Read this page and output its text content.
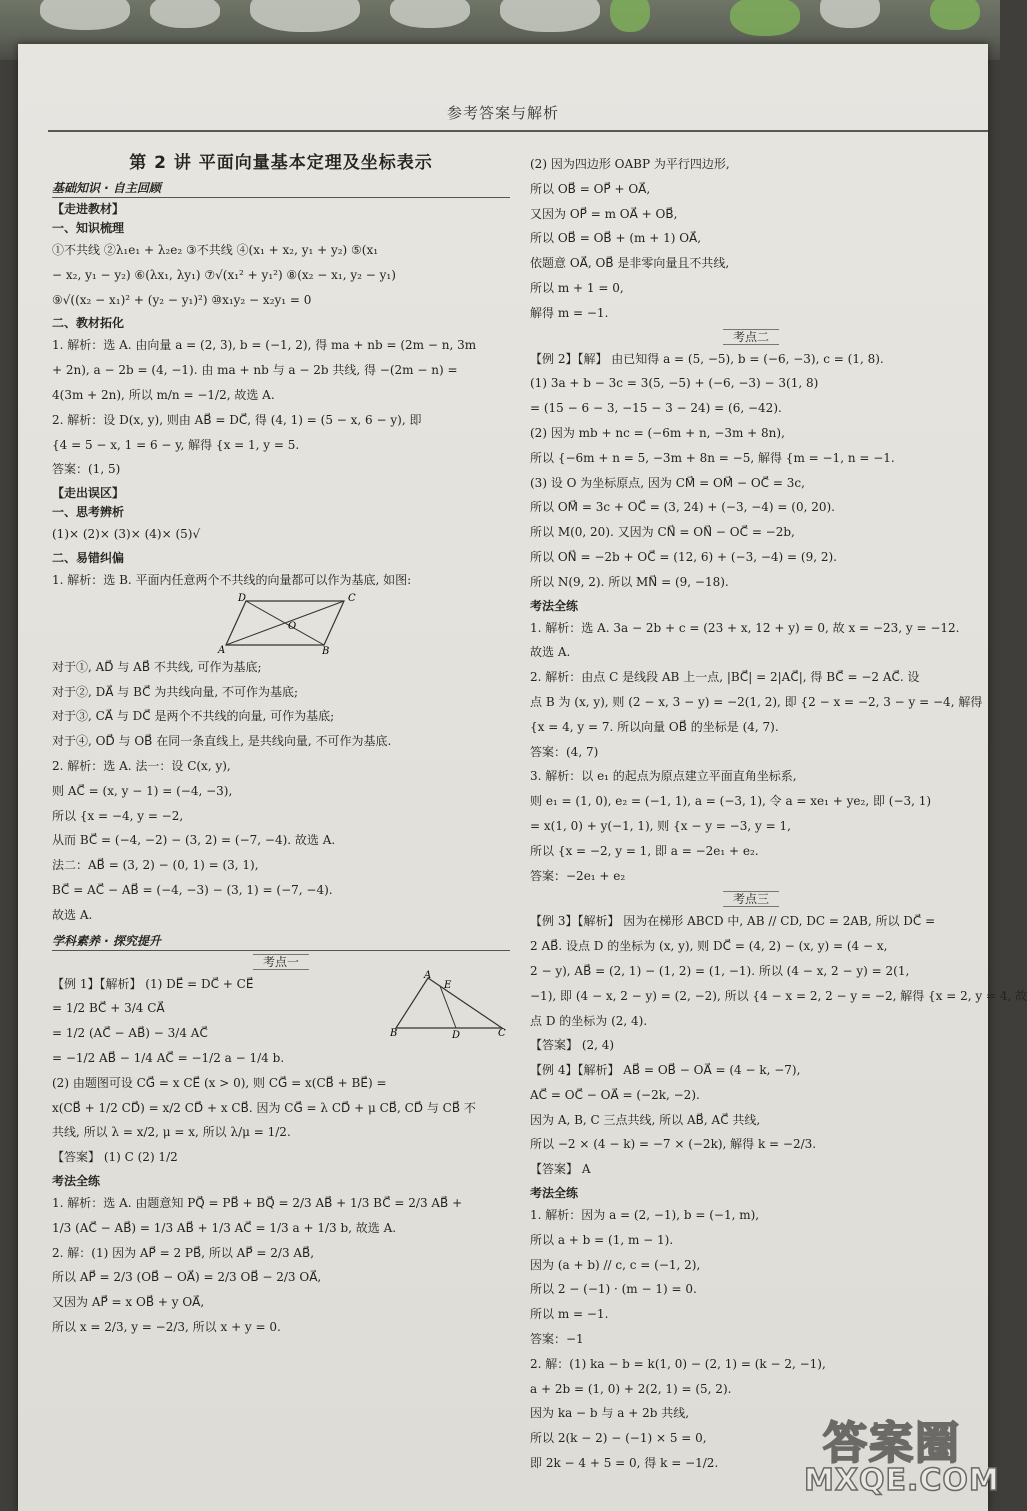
参考答案与解析
第 2 讲 平面向量基本定理及坐标表示
基础知识 · 自主回顾
【走进教材】
一、知识梳理

①不共线 ②λ₁e₁ + λ₂e₂ ③不共线 ④(x₁ + x₂, y₁ + y₂) ⑤(x₁

− x₂, y₁ − y₂) ⑥(λx₁, λy₁) ⑦√(x₁² + y₁²) ⑧(x₂ − x₁, y₂ − y₁)

⑨√((x₂ − x₁)² + (y₂ − y₁)²) ⑩x₁y₂ − x₂y₁ = 0

二、教材拓化

1. 解析：选 A. 由向量 a = (2, 3), b = (−1, 2), 得 ma + nb = (2m − n, 3m

+ 2n), a − 2b = (4, −1). 由 ma + nb 与 a − 2b 共线, 得 −(2m − n) =

4(3m + 2n), 所以 m/n = −1/2, 故选 A.

2. 解析：设 D(x, y), 则由 AB⃗ = DC⃗, 得 (4, 1) = (5 − x, 6 − y), 即

{4 = 5 − x, 1 = 6 − y, 解得 {x = 1, y = 5.

答案：(1, 5)

【走出误区】
一、思考辨析

(1)× (2)× (3)× (4)× (5)√

二、易错纠偏

1. 解析：选 B. 平面内任意两个不共线的向量都可以作为基底, 如图:

D	C
O
A	B

对于①, AD⃗ 与 AB⃗ 不共线, 可作为基底;

对于②, DA⃗ 与 BC⃗ 为共线向量, 不可作为基底;

对于③, CA⃗ 与 DC⃗ 是两个不共线的向量, 可作为基底;

对于④, OD⃗ 与 OB⃗ 在同一条直线上, 是共线向量, 不可作为基底.

2. 解析：选 A. 法一：设 C(x, y),

则 AC⃗ = (x, y − 1) = (−4, −3),

所以 {x = −4, y = −2,

从而 BC⃗ = (−4, −2) − (3, 2) = (−7, −4). 故选 A.

法二：AB⃗ = (3, 2) − (0, 1) = (3, 1),

BC⃗ = AC⃗ − AB⃗ = (−4, −3) − (3, 1) = (−7, −4).

故选 A.

学科素养 · 探究提升
考点一
A
E
B	D	C

【例 1】【解析】 (1) DE⃗ = DC⃗ + CE⃗

= 1/2 BC⃗ + 3/4 CA⃗

= 1/2 (AC⃗ − AB⃗) − 3/4 AC⃗

= −1/2 AB⃗ − 1/4 AC⃗ = −1/2 a − 1/4 b.

(2) 由题图可设 CG⃗ = x CE⃗ (x > 0), 则 CG⃗ = x(CB⃗ + BE⃗) =

x(CB⃗ + 1/2 CD⃗) = x/2 CD⃗ + x CB⃗. 因为 CG⃗ = λ CD⃗ + μ CB⃗, CD⃗ 与 CB⃗ 不

共线, 所以 λ = x/2, μ = x, 所以 λ/μ = 1/2.

【答案】 (1) C (2) 1/2

考法全练

1. 解析：选 A. 由题意知 PQ⃗ = PB⃗ + BQ⃗ = 2/3 AB⃗ + 1/3 BC⃗ = 2/3 AB⃗ +

1/3 (AC⃗ − AB⃗) = 1/3 AB⃗ + 1/3 AC⃗ = 1/3 a + 1/3 b, 故选 A.

2. 解：(1) 因为 AP⃗ = 2 PB⃗, 所以 AP⃗ = 2/3 AB⃗,

所以 AP⃗ = 2/3 (OB⃗ − OA⃗) = 2/3 OB⃗ − 2/3 OA⃗,

又因为 AP⃗ = x OB⃗ + y OA⃗,

所以 x = 2/3, y = −2/3, 所以 x + y = 0.

(2) 因为四边形 OABP 为平行四边形,

所以 OB⃗ = OP⃗ + OA⃗,

又因为 OP⃗ = m OA⃗ + OB⃗,

所以 OB⃗ = OB⃗ + (m + 1) OA⃗,

依题意 OA⃗, OB⃗ 是非零向量且不共线,

所以 m + 1 = 0,

解得 m = −1.

考点二

【例 2】【解】 由已知得 a = (5, −5), b = (−6, −3), c = (1, 8).

(1) 3a + b − 3c = 3(5, −5) + (−6, −3) − 3(1, 8)

= (15 − 6 − 3, −15 − 3 − 24) = (6, −42).

(2) 因为 mb + nc = (−6m + n, −3m + 8n),

所以 {−6m + n = 5, −3m + 8n = −5, 解得 {m = −1, n = −1.

(3) 设 O 为坐标原点, 因为 CM⃗ = OM⃗ − OC⃗ = 3c,

所以 OM⃗ = 3c + OC⃗ = (3, 24) + (−3, −4) = (0, 20).

所以 M(0, 20). 又因为 CN⃗ = ON⃗ − OC⃗ = −2b,

所以 ON⃗ = −2b + OC⃗ = (12, 6) + (−3, −4) = (9, 2).

所以 N(9, 2). 所以 MN⃗ = (9, −18).

考法全练

1. 解析：选 A. 3a − 2b + c = (23 + x, 12 + y) = 0, 故 x = −23, y = −12.

故选 A.

2. 解析：由点 C 是线段 AB 上一点, |BC⃗| = 2|AC⃗|, 得 BC⃗ = −2 AC⃗. 设

点 B 为 (x, y), 则 (2 − x, 3 − y) = −2(1, 2), 即 {2 − x = −2, 3 − y = −4, 解得

{x = 4, y = 7. 所以向量 OB⃗ 的坐标是 (4, 7).

答案：(4, 7)

3. 解析：以 e₁ 的起点为原点建立平面直角坐标系,

则 e₁ = (1, 0), e₂ = (−1, 1), a = (−3, 1), 令 a = xe₁ + ye₂, 即 (−3, 1)

= x(1, 0) + y(−1, 1), 则 {x − y = −3, y = 1,

所以 {x = −2, y = 1, 即 a = −2e₁ + e₂.

答案：−2e₁ + e₂

考点三

【例 3】【解析】 因为在梯形 ABCD 中, AB // CD, DC = 2AB, 所以 DC⃗ =

2 AB⃗. 设点 D 的坐标为 (x, y), 则 DC⃗ = (4, 2) − (x, y) = (4 − x,

2 − y), AB⃗ = (2, 1) − (1, 2) = (1, −1). 所以 (4 − x, 2 − y) = 2(1,

−1), 即 (4 − x, 2 − y) = (2, −2), 所以 {4 − x = 2, 2 − y = −2, 解得 {x = 2, y = 4, 故

点 D 的坐标为 (2, 4).

【答案】 (2, 4)

【例 4】【解析】 AB⃗ = OB⃗ − OA⃗ = (4 − k, −7),

AC⃗ = OC⃗ − OA⃗ = (−2k, −2).

因为 A, B, C 三点共线, 所以 AB⃗, AC⃗ 共线,

所以 −2 × (4 − k) = −7 × (−2k), 解得 k = −2/3.

【答案】 A

考法全练

1. 解析：因为 a = (2, −1), b = (−1, m),

所以 a + b = (1, m − 1).

因为 (a + b) // c, c = (−1, 2),

所以 2 − (−1) · (m − 1) = 0.

所以 m = −1.

答案：−1

2. 解：(1) ka − b = k(1, 0) − (2, 1) = (k − 2, −1),

a + 2b = (1, 0) + 2(2, 1) = (5, 2).

因为 ka − b 与 a + 2b 共线,

所以 2(k − 2) − (−1) × 5 = 0,

即 2k − 4 + 5 = 0, 得 k = −1/2.	答案圈
MXQE.COM
